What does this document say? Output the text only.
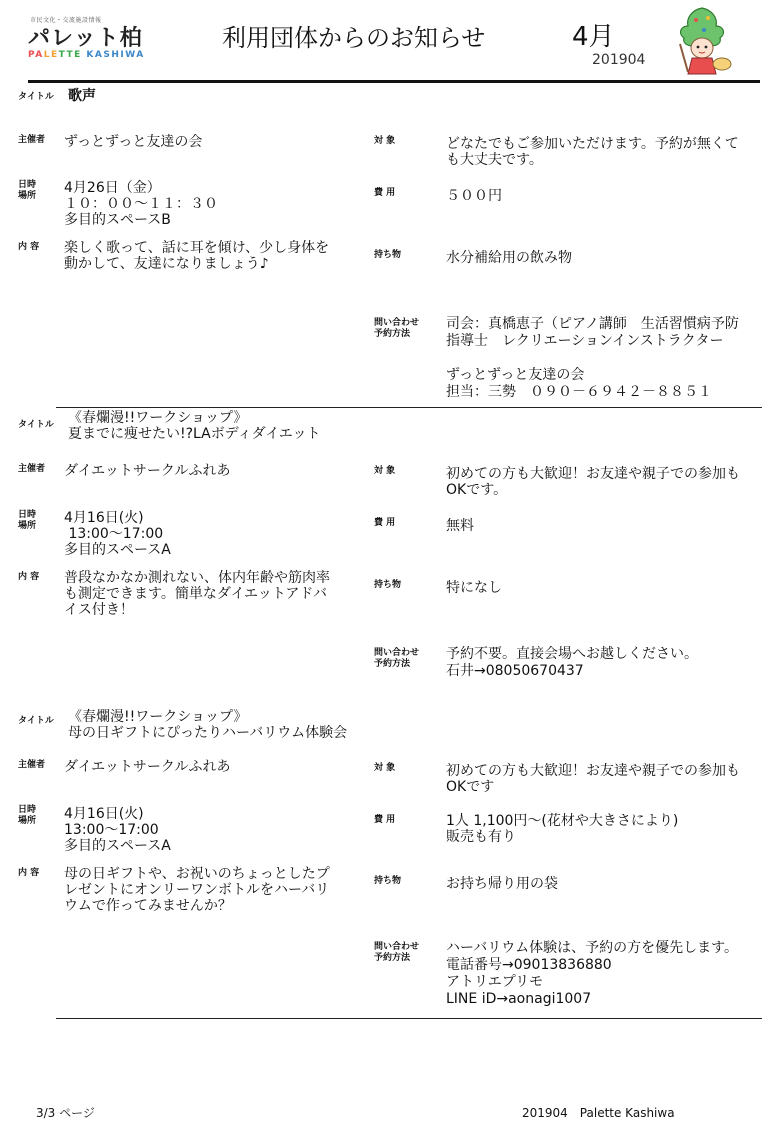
市民文化・交流施設情報
パレット柏
PALETTE KASHIWA
利用団体からのお知らせ	4月
201904
タイトル 歌声
主催者 ずっとずっと友達の会	対 象	どなたでもご参加いただけます。予約が無くて
も大丈夫です。
日時
場所 4月26日（金）
１０：００〜１１：３０
多目的スペースB
費 用	５００円
内 容 楽しく歌って、話に耳を傾け、少し身体を
動かして、友達になりましょう♪
持ち物	水分補給用の飲み物
問い合わせ
予約方法
司会：真橋恵子（ピアノ講師　生活習慣病予防
指導士　レクリエーションインストラクター
ずっとずっと友達の会
担当：三勢　０９０－６９４２－８８５１
タイトル 《春爛漫!!ワークショップ》
夏までに痩せたい!?LAボディダイエット
主催者 ダイエットサークルふれあ	対 象	初めての方も大歓迎！お友達や親子での参加も
OKです。
日時
場所 4月16日(火)
13:00〜17:00
多目的スペースA
費 用	無料
内 容 普段なかなか測れない、体内年齢や筋肉率
も測定できます。簡単なダイエットアドバ
イス付き！
持ち物	特になし
問い合わせ
予約方法
予約不要。直接会場へお越しください。
石井→08050670437
タイトル 《春爛漫!!ワークショップ》
母の日ギフトにぴったりハーバリウム体験会
主催者 ダイエットサークルふれあ	対 象	初めての方も大歓迎！お友達や親子での参加も
OKです
日時
場所 4月16日(火)
13:00〜17:00
多目的スペースA
費 用	1人 1,100円〜(花材や大きさにより)
販売も有り
内 容 母の日ギフトや、お祝いのちょっとしたプ
レゼントにオンリーワンボトルをハーバリ
ウムで作ってみませんか？
持ち物	お持ち帰り用の袋
問い合わせ
予約方法
ハーバリウム体験は、予約の方を優先します。
電話番号→09013836880
アトリエプリモ
LINE iD→aonagi1007
3/3 ページ	201904　Palette Kashiwa
